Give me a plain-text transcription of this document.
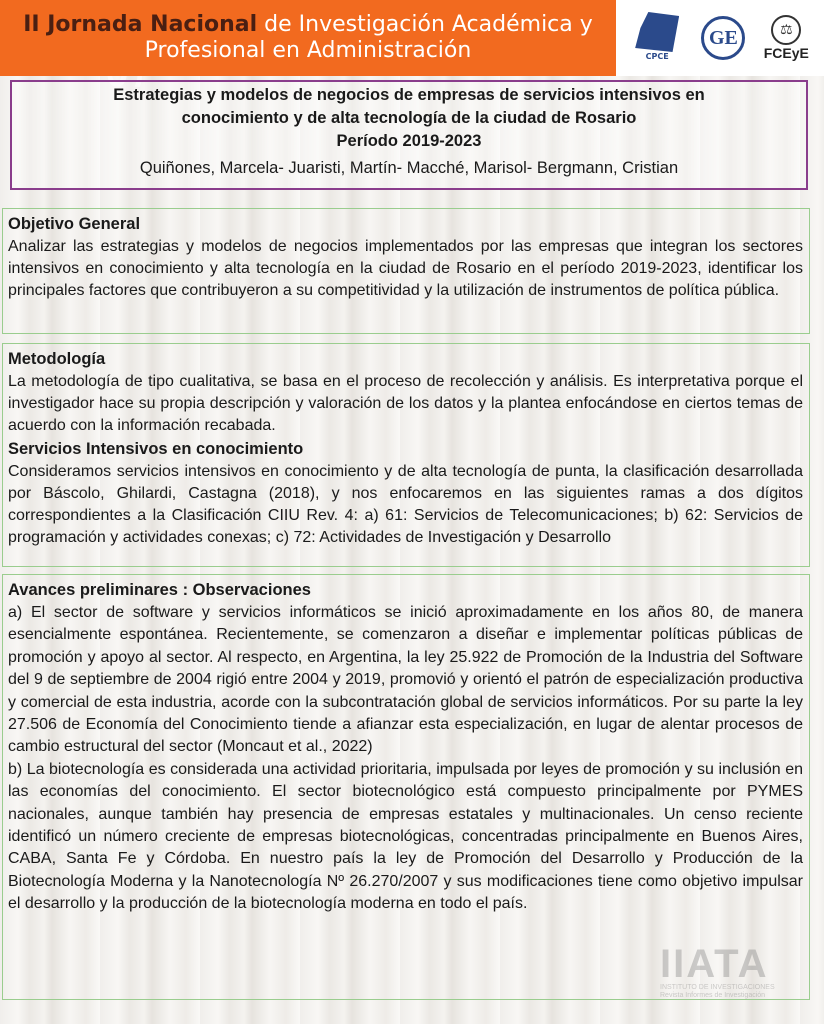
II Jornada Nacional de Investigación Académica y
Profesional en Administración	CPCE
GE	⚖
FCEyE
Estrategias y modelos de negocios de empresas de servicios intensivos en
conocimiento y de alta tecnología de la ciudad de Rosario
Período 2019-2023
Quiñones, Marcela- Juaristi, Martín- Macché, Marisol- Bergmann, Cristian
Objetivo General

Analizar las estrategias y modelos de negocios implementados por las empresas que integran los sectores intensivos en conocimiento y alta tecnología en la ciudad de Rosario en el período 2019-2023, identificar los principales factores que contribuyeron a su competitividad y la utilización de instrumentos de política pública.

Metodología

La metodología de tipo cualitativa, se basa en el proceso de recolección y análisis. Es interpretativa porque el investigador hace su propia descripción y valoración de los datos y la plantea enfocándose en ciertos temas de acuerdo con la información recabada.

Servicios Intensivos en conocimiento

Consideramos servicios intensivos en conocimiento y de alta tecnología de punta, la clasificación desarrollada por Báscolo, Ghilardi, Castagna (2018), y nos enfocaremos en las siguientes ramas a dos dígitos correspondientes a la Clasificación CIIU Rev. 4: a) 61: Servicios de Telecomunicaciones; b) 62: Servicios de programación y actividades conexas; c) 72: Actividades de Investigación y Desarrollo

Avances preliminares : Observaciones

a) El sector de software y servicios informáticos se inició aproximadamente en los años 80, de manera esencialmente espontánea. Recientemente, se comenzaron a diseñar e implementar políticas públicas de promoción y apoyo al sector. Al respecto, en Argentina, la ley 25.922 de Promoción de la Industria del Software del 9 de septiembre de 2004 rigió entre 2004 y 2019, promovió y orientó el patrón de especialización productiva y comercial de esta industria, acorde con la subcontratación global de servicios informáticos. Por su parte la ley 27.506 de Economía del Conocimiento tiende a afianzar esta especialización, en lugar de alentar procesos de cambio estructural del sector (Moncaut et al., 2022)

b) La biotecnología es considerada una actividad prioritaria, impulsada por leyes de promoción y su inclusión en las economías del conocimiento. El sector biotecnológico está compuesto principalmente por PYMES nacionales, aunque también hay presencia de empresas estatales y multinacionales. Un censo reciente identificó un número creciente de empresas biotecnológicas, concentradas principalmente en Buenos Aires, CABA, Santa Fe y Córdoba. En nuestro país la ley de Promoción del Desarrollo y Producción de la Biotecnología Moderna y la Nanotecnología Nº 26.270/2007 y sus modificaciones tiene como objetivo impulsar el desarrollo y la producción de la biotecnología moderna en todo el país.

IIATA
INSTITUTO DE INVESTIGACIONES
Revista Informes de Investigación
